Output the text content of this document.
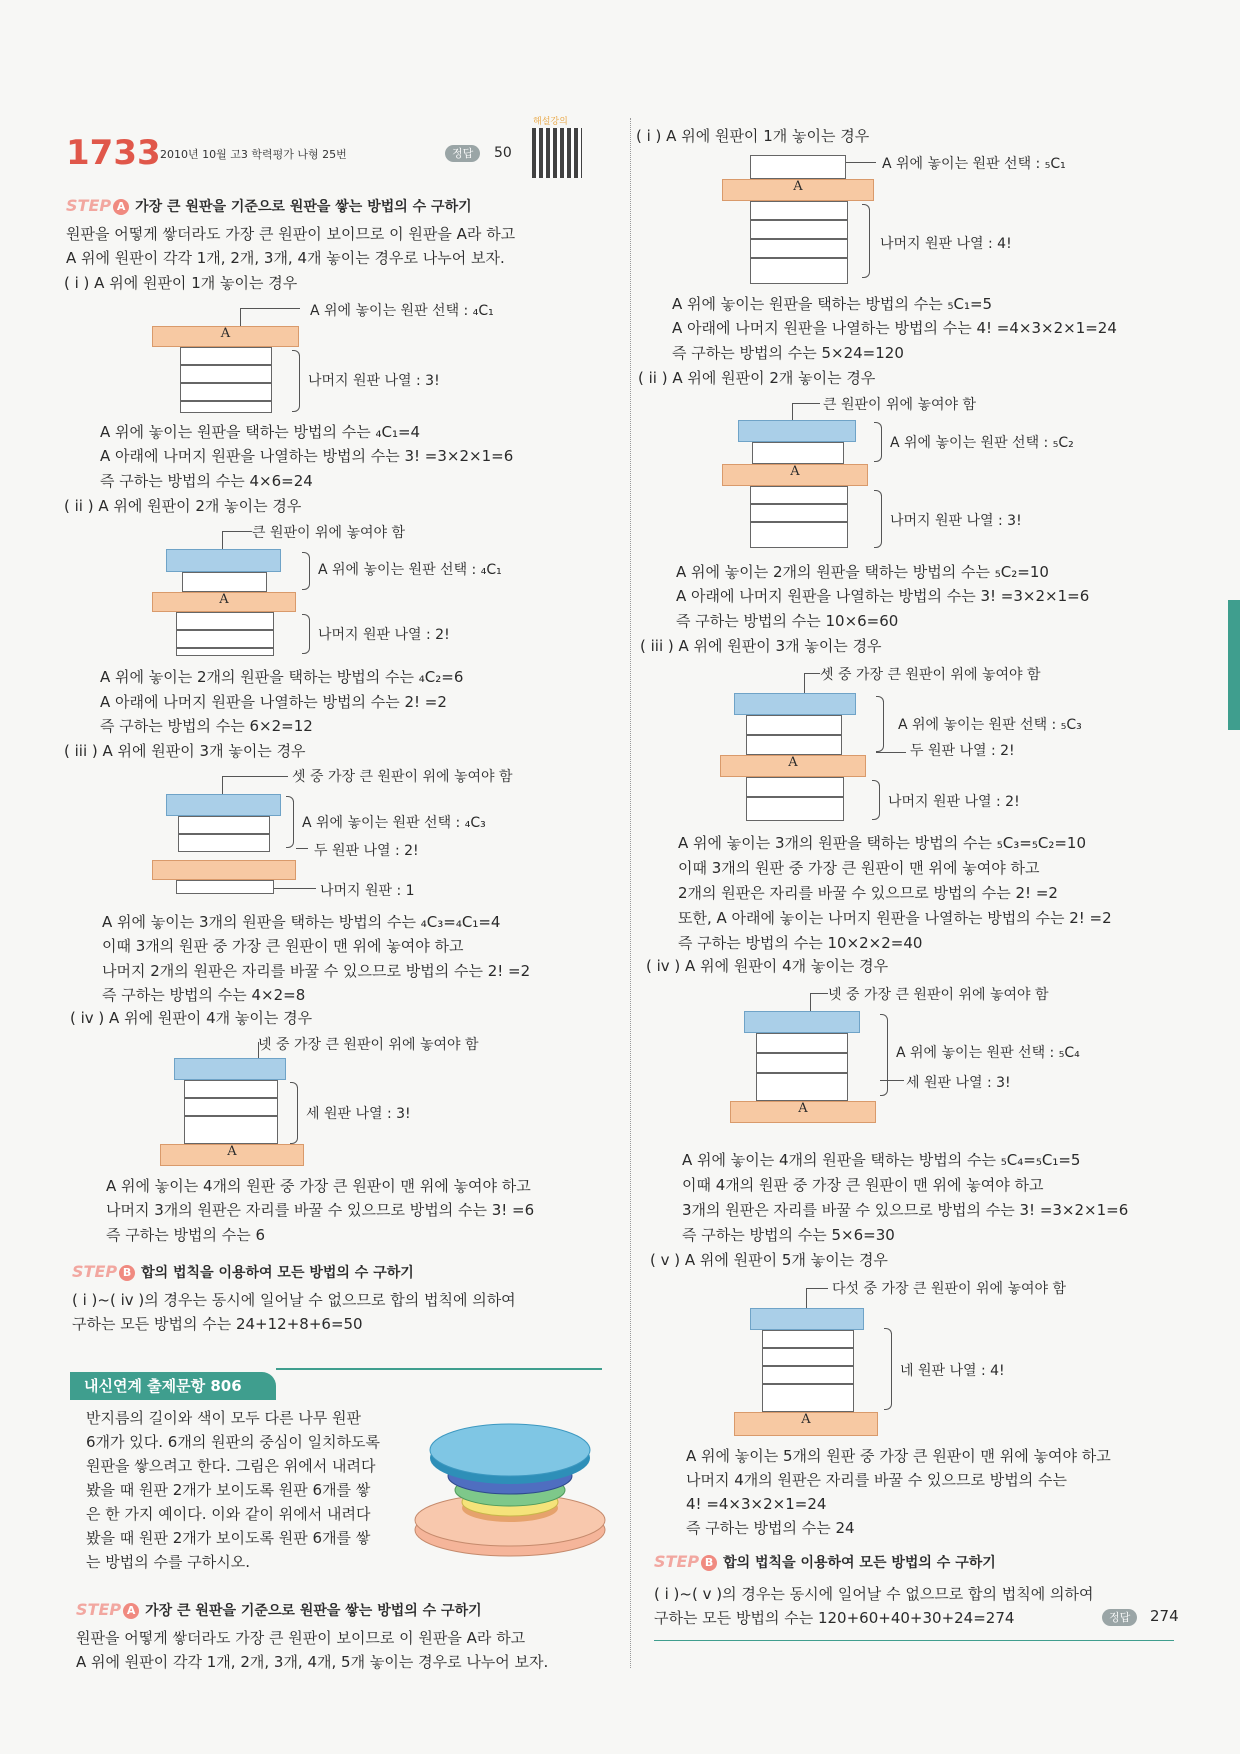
1733 2010년 10월 고3 학력평가 나형 25번	정답	50
해설강의
STEP A 가장 큰 원판을 기준으로 원판을 쌓는 방법의 수 구하기
원판을 어떻게 쌓더라도 가장 큰 원판이 보이므로 이 원판을 A라 하고
A 위에 원판이 각각 1개, 2개, 3개, 4개 놓이는 경우로 나누어 보자.
( i ) A 위에 원판이 1개 놓이는 경우
A 위에 놓이는 원판 선택 : ₄C₁
A
나머지 원판 나열 : 3!
A 위에 놓이는 원판을 택하는 방법의 수는 ₄C₁=4
A 아래에 나머지 원판을 나열하는 방법의 수는 3! =3×2×1=6
즉 구하는 방법의 수는 4×6=24
( ii ) A 위에 원판이 2개 놓이는 경우
큰 원판이 위에 놓여야 함
A 위에 놓이는 원판 선택 : ₄C₁
A
나머지 원판 나열 : 2!
A 위에 놓이는 2개의 원판을 택하는 방법의 수는 ₄C₂=6
A 아래에 나머지 원판을 나열하는 방법의 수는 2! =2
즉 구하는 방법의 수는 6×2=12
( iii ) A 위에 원판이 3개 놓이는 경우
셋 중 가장 큰 원판이 위에 놓여야 함
A 위에 놓이는 원판 선택 : ₄C₃
두 원판 나열 : 2!
나머지 원판 : 1
A 위에 놓이는 3개의 원판을 택하는 방법의 수는 ₄C₃=₄C₁=4
이때 3개의 원판 중 가장 큰 원판이 맨 위에 놓여야 하고
나머지 2개의 원판은 자리를 바꿀 수 있으므로 방법의 수는 2! =2
즉 구하는 방법의 수는 4×2=8
( iv ) A 위에 원판이 4개 놓이는 경우
넷 중 가장 큰 원판이 위에 놓여야 함
세 원판 나열 : 3!
A
A 위에 놓이는 4개의 원판 중 가장 큰 원판이 맨 위에 놓여야 하고
나머지 3개의 원판은 자리를 바꿀 수 있으므로 방법의 수는 3! =6
즉 구하는 방법의 수는 6
STEP B 합의 법칙을 이용하여 모든 방법의 수 구하기
( i )~( iv )의 경우는 동시에 일어날 수 없으므로 합의 법칙에 의하여
구하는 모든 방법의 수는 24+12+8+6=50
내신연계 출제문항 806
반지름의 길이와 색이 모두 다른 나무 원판
6개가 있다. 6개의 원판의 중심이 일치하도록
원판을 쌓으려고 한다. 그림은 위에서 내려다
봤을 때 원판 2개가 보이도록 원판 6개를 쌓
은 한 가지 예이다. 이와 같이 위에서 내려다
봤을 때 원판 2개가 보이도록 원판 6개를 쌓
는 방법의 수를 구하시오.
STEP A 가장 큰 원판을 기준으로 원판을 쌓는 방법의 수 구하기
원판을 어떻게 쌓더라도 가장 큰 원판이 보이므로 이 원판을 A라 하고
A 위에 원판이 각각 1개, 2개, 3개, 4개, 5개 놓이는 경우로 나누어 보자.
( i ) A 위에 원판이 1개 놓이는 경우
A 위에 놓이는 원판 선택 : ₅C₁
A
나머지 원판 나열 : 4!
A 위에 놓이는 원판을 택하는 방법의 수는 ₅C₁=5
A 아래에 나머지 원판을 나열하는 방법의 수는 4! =4×3×2×1=24
즉 구하는 방법의 수는 5×24=120
( ii ) A 위에 원판이 2개 놓이는 경우
큰 원판이 위에 놓여야 함
A 위에 놓이는 원판 선택 : ₅C₂
A
나머지 원판 나열 : 3!
A 위에 놓이는 2개의 원판을 택하는 방법의 수는 ₅C₂=10
A 아래에 나머지 원판을 나열하는 방법의 수는 3! =3×2×1=6
즉 구하는 방법의 수는 10×6=60
( iii ) A 위에 원판이 3개 놓이는 경우
셋 중 가장 큰 원판이 위에 놓여야 함
A 위에 놓이는 원판 선택 : ₅C₃
두 원판 나열 : 2!
A
나머지 원판 나열 : 2!
A 위에 놓이는 3개의 원판을 택하는 방법의 수는 ₅C₃=₅C₂=10
이때 3개의 원판 중 가장 큰 원판이 맨 위에 놓여야 하고
2개의 원판은 자리를 바꿀 수 있으므로 방법의 수는 2! =2
또한, A 아래에 놓이는 나머지 원판을 나열하는 방법의 수는 2! =2
즉 구하는 방법의 수는 10×2×2=40
( iv ) A 위에 원판이 4개 놓이는 경우
넷 중 가장 큰 원판이 위에 놓여야 함
A 위에 놓이는 원판 선택 : ₅C₄
세 원판 나열 : 3!
A
A 위에 놓이는 4개의 원판을 택하는 방법의 수는 ₅C₄=₅C₁=5
이때 4개의 원판 중 가장 큰 원판이 맨 위에 놓여야 하고
3개의 원판은 자리를 바꿀 수 있으므로 방법의 수는 3! =3×2×1=6
즉 구하는 방법의 수는 5×6=30
( v ) A 위에 원판이 5개 놓이는 경우
다섯 중 가장 큰 원판이 위에 놓여야 함
네 원판 나열 : 4!
A
A 위에 놓이는 5개의 원판 중 가장 큰 원판이 맨 위에 놓여야 하고
나머지 4개의 원판은 자리를 바꿀 수 있으므로 방법의 수는
4! =4×3×2×1=24
즉 구하는 방법의 수는 24
STEP B 합의 법칙을 이용하여 모든 방법의 수 구하기
( i )~( v )의 경우는 동시에 일어날 수 없으므로 합의 법칙에 의하여
구하는 모든 방법의 수는 120+60+40+30+24=274	정답	274
